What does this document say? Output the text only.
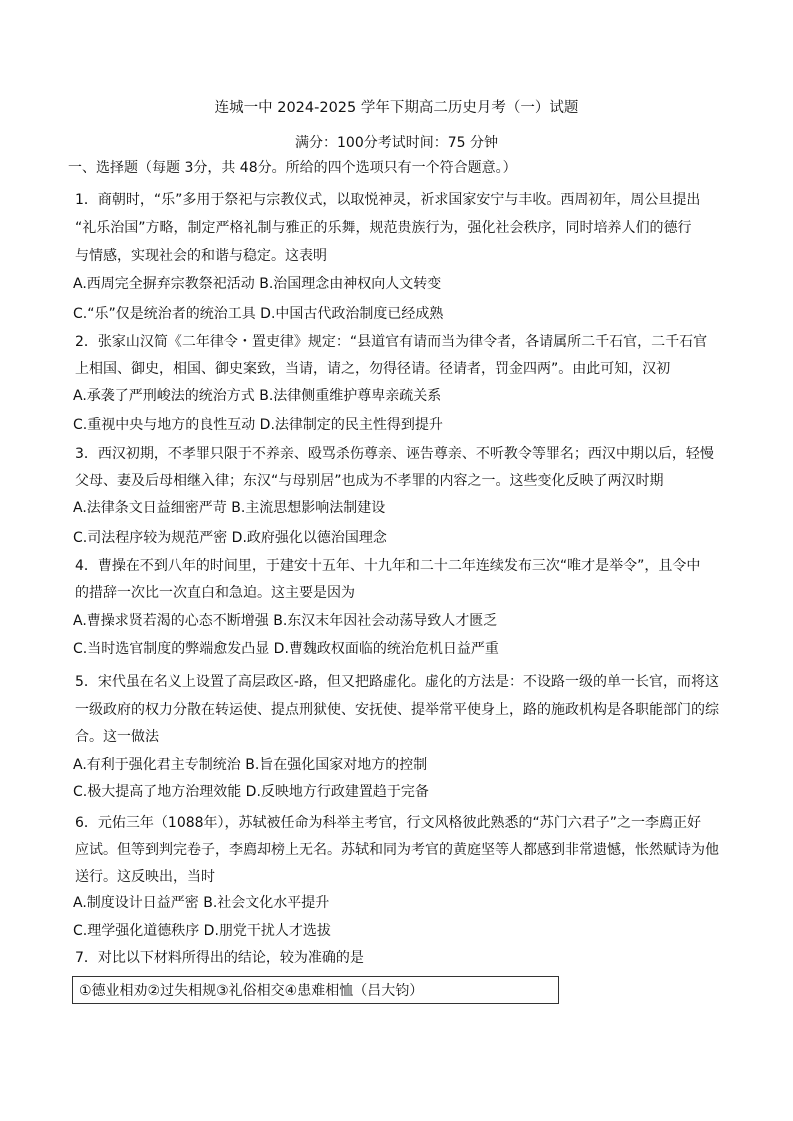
连城一中 2024-2025 学年下期高二历史月考（一）试题
满分：100分考试时间：75 分钟
一、选择题（每题 3分，共 48分。所给的四个选项只有一个符合题意。）
1．商朝时，“乐”多用于祭祀与宗教仪式，以取悦神灵，祈求国家安宁与丰收。西周初年，周公旦提出
“礼乐治国”方略，制定严格礼制与雅正的乐舞，规范贵族行为，强化社会秩序，同时培养人们的德行
与情感，实现社会的和谐与稳定。这表明
A.西周完全摒弃宗教祭祀活动 B.治国理念由神权向人文转变
C.“乐”仅是统治者的统治工具 D.中国古代政治制度已经成熟
2．张家山汉简《二年律令・置吏律》规定：“县道官有请而当为律令者，各请属所二千石官，二千石官
上相国、御史，相国、御史案致，当请，请之，勿得径请。径请者，罚金四两”。由此可知，汉初
A.承袭了严刑峻法的统治方式 B.法律侧重维护尊卑亲疏关系
C.重视中央与地方的良性互动 D.法律制定的民主性得到提升
3．西汉初期，不孝罪只限于不养亲、殴骂杀伤尊亲、诬告尊亲、不听教令等罪名；西汉中期以后，轻慢
父母、妻及后母相继入律；东汉“与母别居”也成为不孝罪的内容之一。这些变化反映了两汉时期
A.法律条文日益细密严苛 B.主流思想影响法制建设
C.司法程序较为规范严密 D.政府强化以德治国理念
4．曹操在不到八年的时间里，于建安十五年、十九年和二十二年连续发布三次“唯才是举令”，且令中
的措辞一次比一次直白和急迫。这主要是因为
A.曹操求贤若渴的心态不断增强 B.东汉末年因社会动荡导致人才匮乏
C.当时选官制度的弊端愈发凸显 D.曹魏政权面临的统治危机日益严重
5．宋代虽在名义上设置了高层政区-路，但又把路虚化。虚化的方法是：不设路一级的单一长官，而将这
一级政府的权力分散在转运使、提点刑狱使、安抚使、提举常平使身上，路的施政机构是各职能部门的综
合。这一做法
A.有利于强化君主专制统治 B.旨在强化国家对地方的控制
C.极大提高了地方治理效能 D.反映地方行政建置趋于完备
6．元佑三年（1088年），苏轼被任命为科举主考官，行文风格彼此熟悉的“苏门六君子”之一李廌正好
应试。但等到判完卷子，李廌却榜上无名。苏轼和同为考官的黄庭坚等人都感到非常遗憾，怅然赋诗为他
送行。这反映出，当时
A.制度设计日益严密 B.社会文化水平提升
C.理学强化道德秩序 D.朋党干扰人才选拔
7．对比以下材料所得出的结论，较为准确的是
①德业相劝②过失相规③礼俗相交④患难相恤（吕大钧）
